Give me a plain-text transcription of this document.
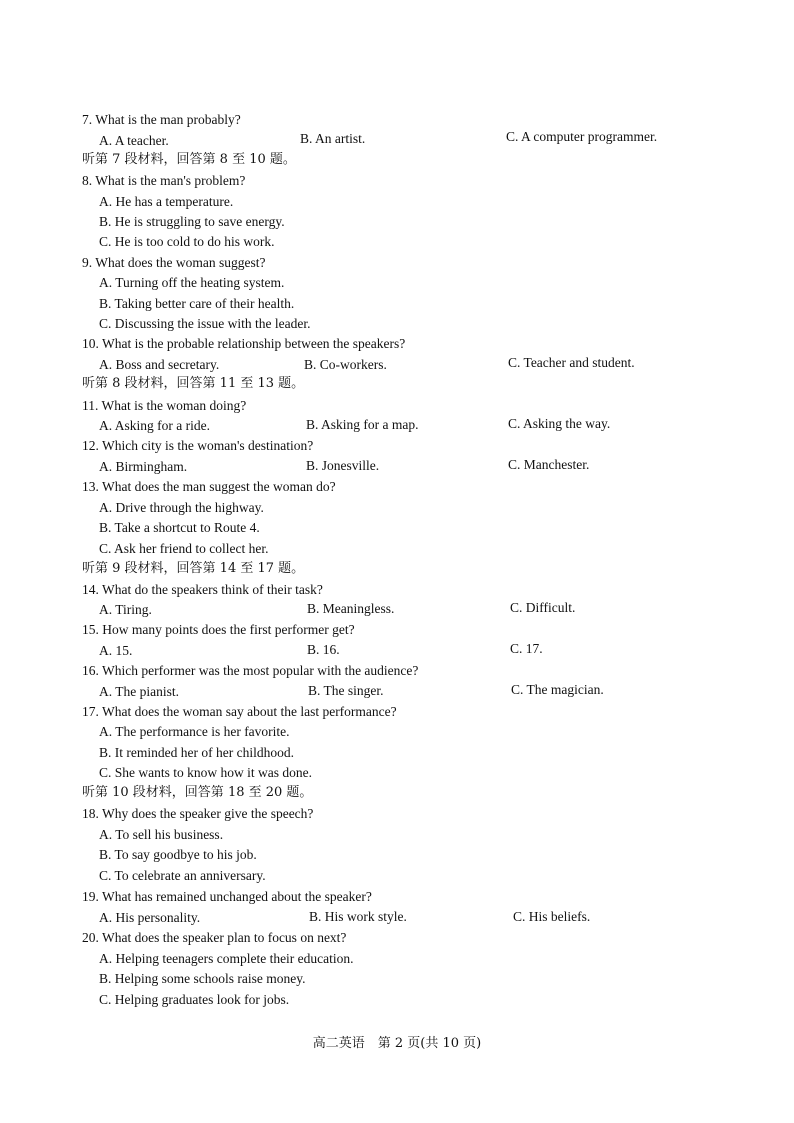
7. What is the man probably?
A. A teacher.	B. An artist.	C. A computer programmer.
听第 7 段材料，回答第 8 至 10 题。
8. What is the man's problem?
A. He has a temperature.
B. He is struggling to save energy.
C. He is too cold to do his work.
9. What does the woman suggest?
A. Turning off the heating system.
B. Taking better care of their health.
C. Discussing the issue with the leader.
10. What is the probable relationship between the speakers?
A. Boss and secretary.	B. Co-workers.	C. Teacher and student.
听第 8 段材料，回答第 11 至 13 题。
11. What is the woman doing?
A. Asking for a ride.	B. Asking for a map.	C. Asking the way.
12. Which city is the woman's destination?
A. Birmingham.	B. Jonesville.	C. Manchester.
13. What does the man suggest the woman do?
A. Drive through the highway.
B. Take a shortcut to Route 4.
C. Ask her friend to collect her.
听第 9 段材料，回答第 14 至 17 题。
14. What do the speakers think of their task?
A. Tiring.	B. Meaningless.	C. Difficult.
15. How many points does the first performer get?
A. 15.	B. 16.	C. 17.
16. Which performer was the most popular with the audience?
A. The pianist.	B. The singer.	C. The magician.
17. What does the woman say about the last performance?
A. The performance is her favorite.
B. It reminded her of her childhood.
C. She wants to know how it was done.
听第 10 段材料，回答第 18 至 20 题。
18. Why does the speaker give the speech?
A. To sell his business.
B. To say goodbye to his job.
C. To celebrate an anniversary.
19. What has remained unchanged about the speaker?
A. His personality.	B. His work style.	C. His beliefs.
20. What does the speaker plan to focus on next?
A. Helping teenagers complete their education.
B. Helping some schools raise money.
C. Helping graduates look for jobs.
高二英语　第 2 页(共 10 页)
